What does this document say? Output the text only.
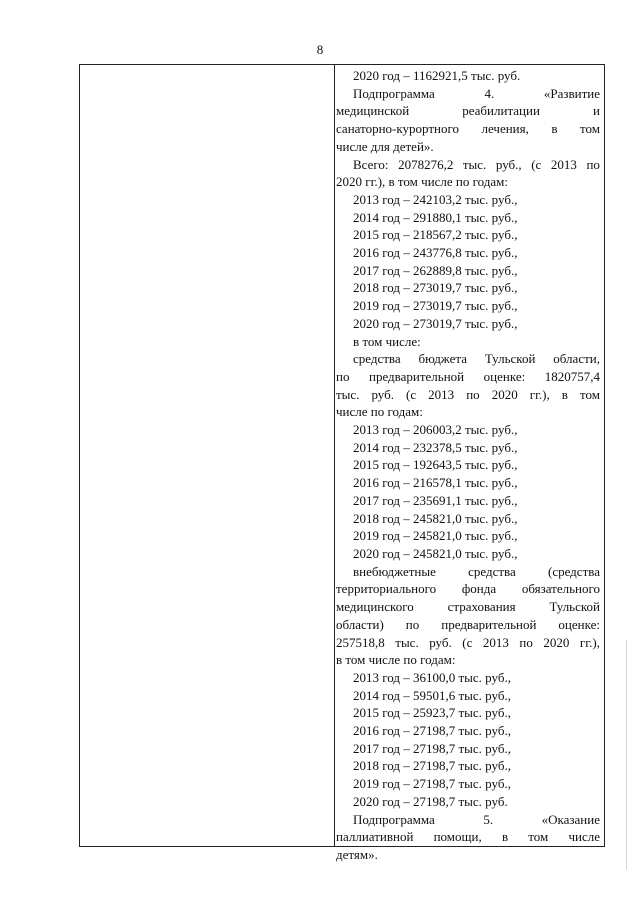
8

2020 год – 1162921,5 тыс. руб.

Подпрограмма	4.	«Развитие

медицинской	реабилитации	и

санаторно-курортного лечения, в том

числе для детей».

Всего: 2078276,2 тыс. руб., (с 2013 по

2020 гг.), в том числе по годам:

2013 год – 242103,2 тыс. руб.,

2014 год – 291880,1 тыс. руб.,

2015 год – 218567,2 тыс. руб.,

2016 год – 243776,8 тыс. руб.,

2017 год – 262889,8 тыс. руб.,

2018 год – 273019,7 тыс. руб.,

2019 год – 273019,7 тыс. руб.,

2020 год – 273019,7 тыс. руб.,

в том числе:

средства бюджета Тульской области,

по предварительной оценке: 1820757,4

тыс. руб. (с 2013 по 2020 гг.), в том

числе по годам:

2013 год – 206003,2 тыс. руб.,

2014 год – 232378,5 тыс. руб.,

2015 год – 192643,5 тыс. руб.,

2016 год – 216578,1 тыс. руб.,

2017 год – 235691,1 тыс. руб.,

2018 год – 245821,0 тыс. руб.,

2019 год – 245821,0 тыс. руб.,

2020 год – 245821,0 тыс. руб.,

внебюджетные средства (средства

территориального фонда обязательного

медицинского	страхования	Тульской

области) по предварительной оценке:

257518,8 тыс. руб. (с 2013 по 2020 гг.),

в том числе по годам:

2013 год – 36100,0 тыс. руб.,

2014 год – 59501,6 тыс. руб.,

2015 год – 25923,7 тыс. руб.,

2016 год – 27198,7 тыс. руб.,

2017 год – 27198,7 тыс. руб.,

2018 год – 27198,7 тыс. руб.,

2019 год – 27198,7 тыс. руб.,

2020 год – 27198,7 тыс. руб.

Подпрограмма	5.	«Оказание

паллиативной помощи, в том числе

детям».
